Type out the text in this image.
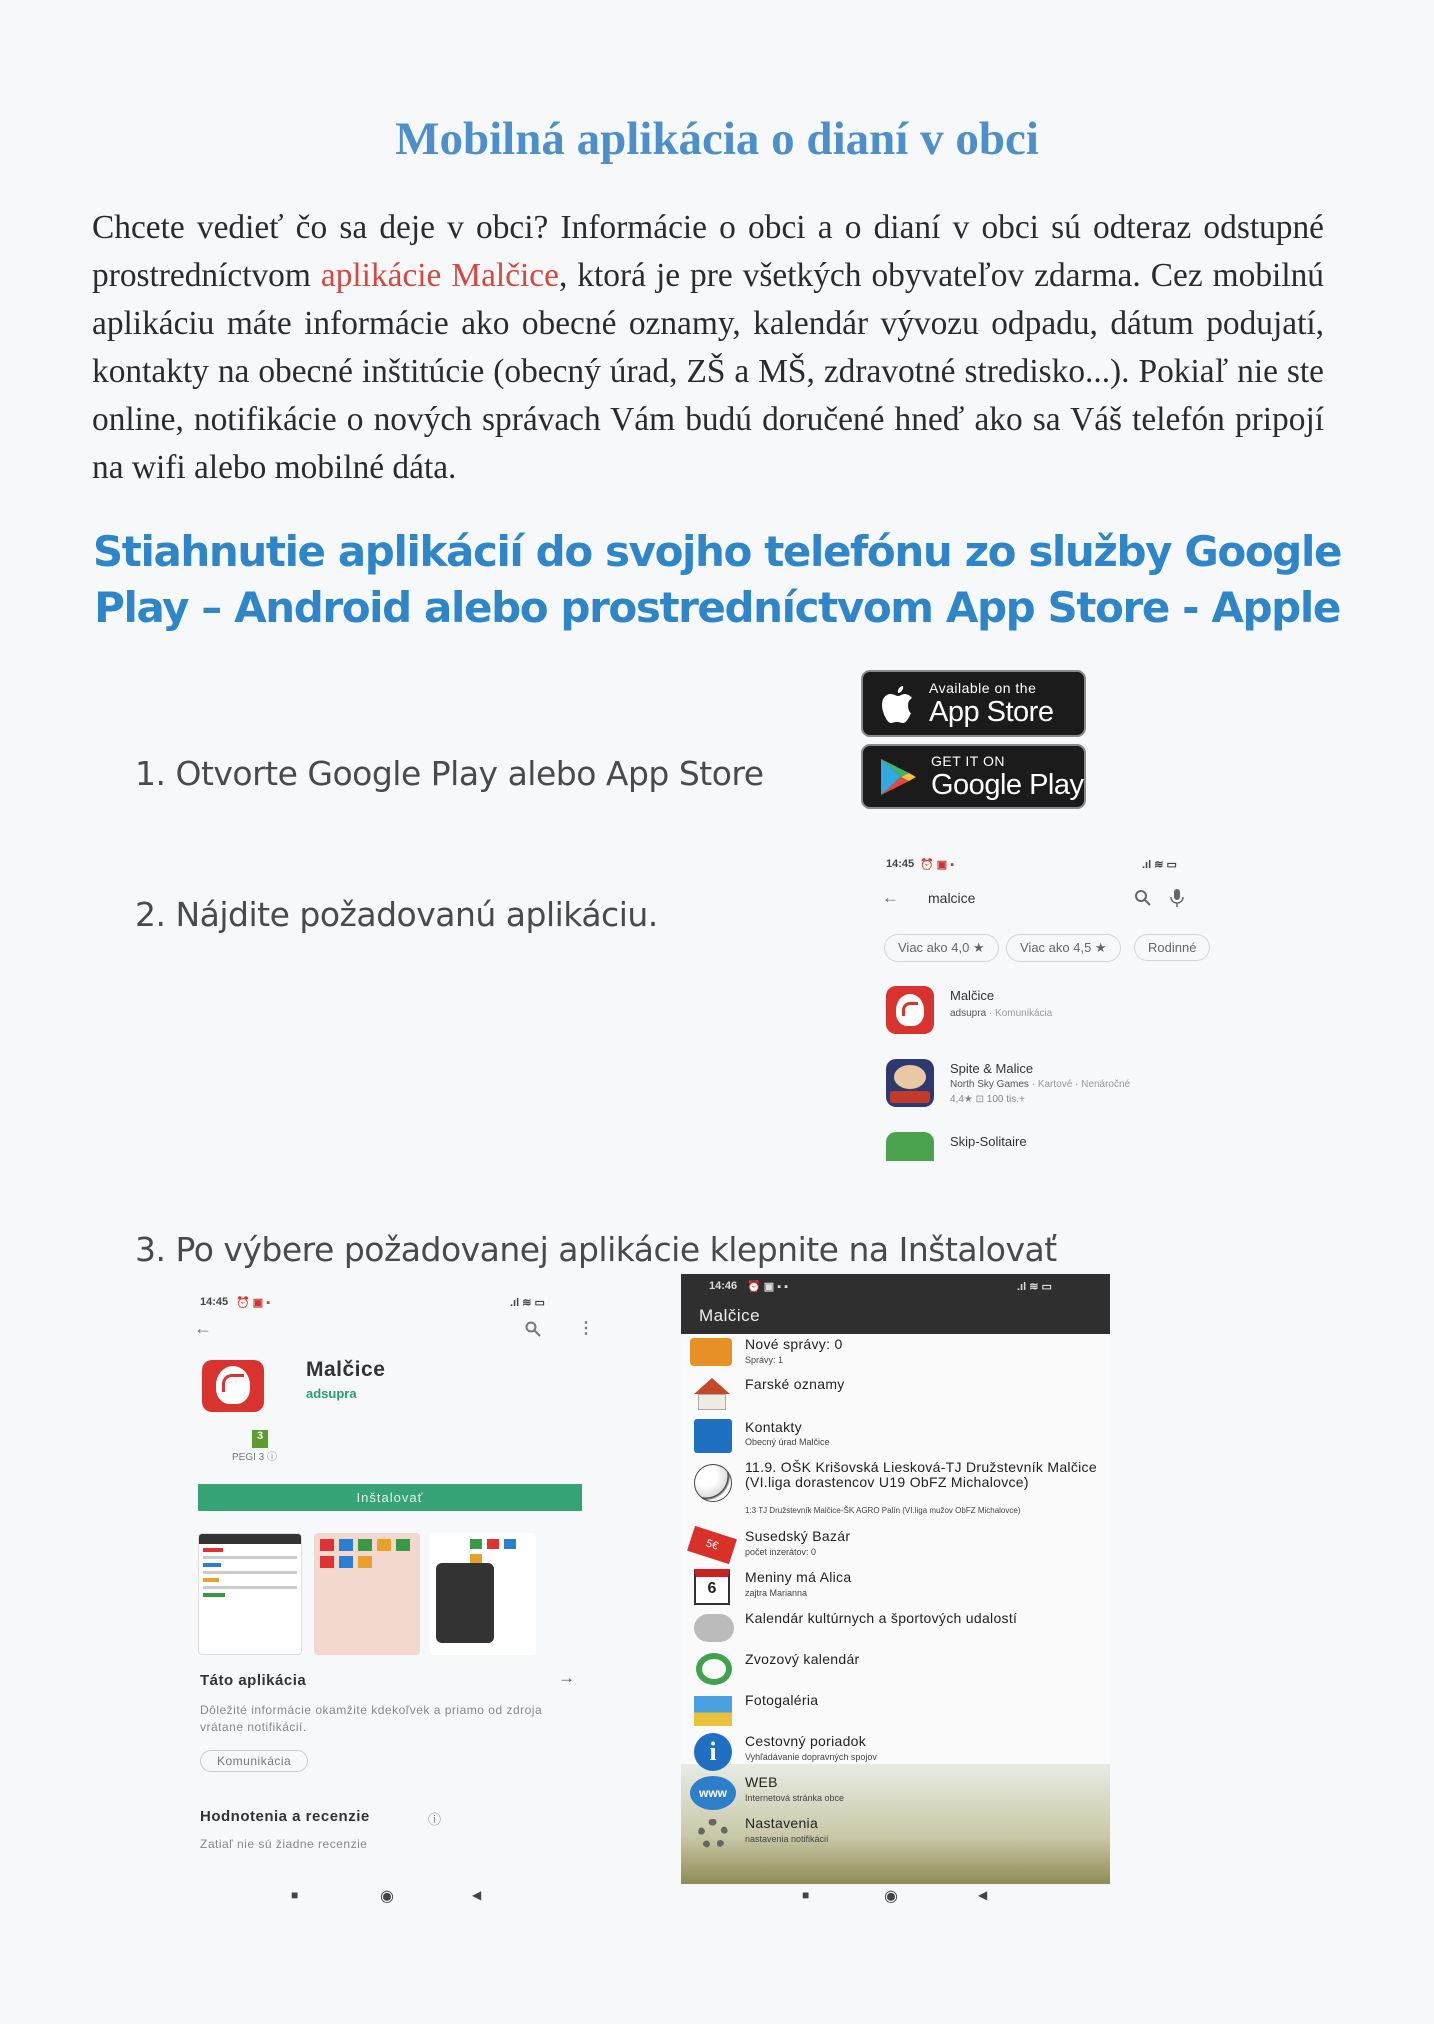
Mobilná aplikácia o dianí v obci
Chcete vedieť čo sa deje v obci? Informácie o obci a o dianí v obci sú odteraz odstupné prostredníctvom aplikácie Malčice, ktorá je pre všetkých obyvateľov zdarma. Cez mobilnú aplikáciu máte informácie ako obecné oznamy, kalendár vývozu odpadu, dátum podujatí, kontakty na obecné inštitúcie (obecný úrad, ZŠ a MŠ, zdravotné stredisko...). Pokiaľ nie ste online, notifikácie o nových správach Vám budú doručené hneď ako sa Váš telefón pripojí na wifi alebo mobilné dáta.
Stiahnutie aplikácií do svojho telefónu zo služby Google Play – Android alebo prostredníctvom App Store - Apple
1. Otvorte Google Play alebo App Store
2. Nájdite požadovanú aplikáciu.
3. Po výbere požadovanej aplikácie klepnite na Inštalovať
Available on the
App Store
GET IT ON
Google Play
14:45 ⏰ ▣ ▪	.ıl ≋ ▭
← malcice
Viac ako 4,0 ★	Viac ako 4,5 ★	Rodinné
Malčice
adsupra · Komunikácia
Spite & Malice
North Sky Games · Kartové · Nenáročné
4,4★ ⊡ 100 tis.+
Skip-Solitaire
14:45 ⏰ ▣ ▪	.ıl ≋ ▭
←	⋮
Malčice
adsupra
3
PEGI 3 ⓘ
Inštalovať
Táto aplikácia	→
Dôležité informácie okamžite kdekoľvek a priamo od zdroja vrátane notifikácií.
Komunikácia
Hodnotenia a recenzie	ⓘ
Zatiaľ nie sú žiadne recenzie
■	◉	◀
14:46 ⏰ ▣ ▪ ▪	.ıl ≋ ▭
Malčice
Nové správy: 0
Správy: 1
Farské oznamy
Kontakty
Obecný úrad Malčice
11.9. OŠK Krišovská Liesková-TJ Družstevník Malčice (VI.liga dorastencov U19 ObFZ Michalovce)
1:3 TJ Družstevník Malčice-ŠK AGRO Palín (VI.liga mužov ObFZ Michalovce)
5€
Susedský Bazár
počet inzerátov: 0
6
Meniny má Alica
zajtra Marianna
Kalendár kultúrnych a športových udalostí
Zvozový kalendár
Fotogaléria
i	Cestovný poriadok
Vyhľadávanie dopravných spojov
www
WEB
Internetová stránka obce
Nastavenia
nastavenia notifikácií
■	◉	◀
